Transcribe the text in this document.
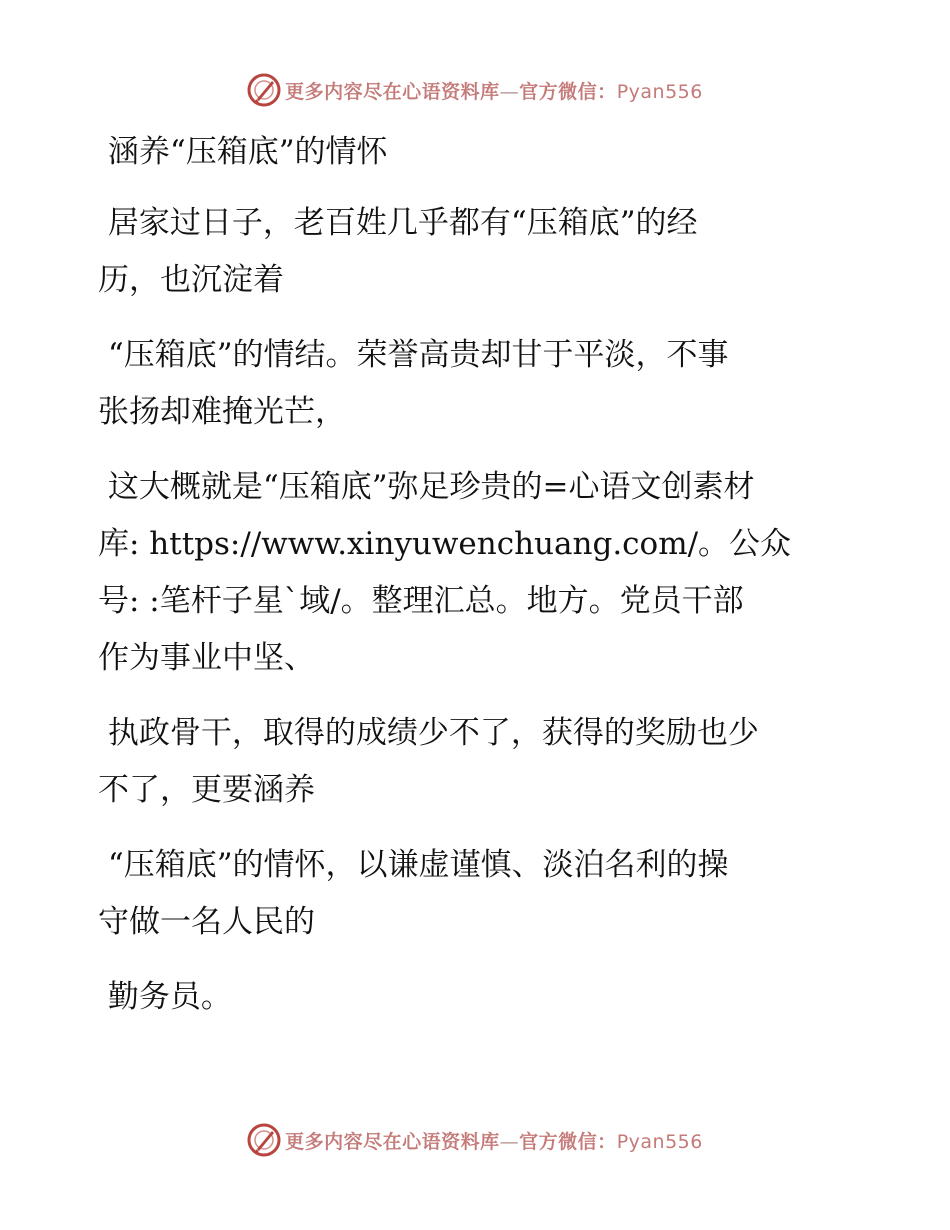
更多内容尽在心语资料库—官方微信：Pyan556
涵养“压箱底”的情怀
居家过日子，老百姓几乎都有“压箱底”的经
历，也沉淀着
“压箱底”的情结。荣誉高贵却甘于平淡，不事
张扬却难掩光芒，
这大概就是“压箱底”弥足珍贵的=心语文创素材
库: https://www.xinyuwenchuang.com/。公众
号: :笔杆子星`域/。整理汇总。地方。党员干部
作为事业中坚、
执政骨干，取得的成绩少不了，获得的奖励也少
不了，更要涵养
“压箱底”的情怀，以谦虚谨慎、淡泊名利的操
守做一名人民的
勤务员。
更多内容尽在心语资料库—官方微信：Pyan556
